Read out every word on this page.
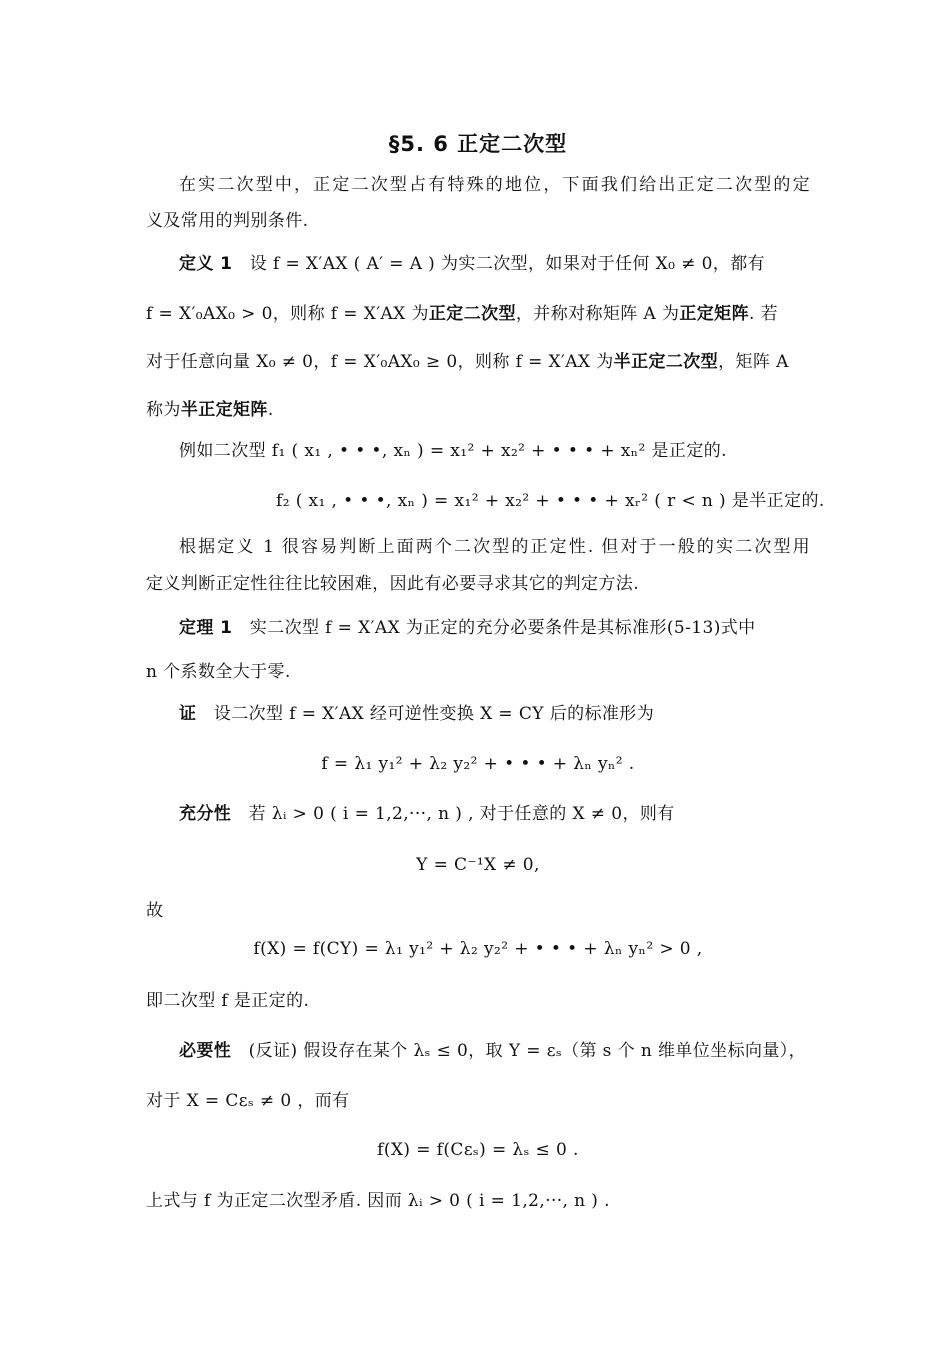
§5. 6 正定二次型
在实二次型中，正定二次型占有特殊的地位，下面我们给出正定二次型的定
义及常用的判别条件.
定义 1 设 f = X′AX ( A′ = A ) 为实二次型，如果对于任何 X₀ ≠ 0，都有
f = X′₀AX₀ > 0，则称 f = X′AX 为正定二次型，并称对称矩阵 A 为正定矩阵. 若
对于任意向量 X₀ ≠ 0，f = X′₀AX₀ ≥ 0，则称 f = X′AX 为半正定二次型，矩阵 A
称为半正定矩阵.
例如二次型 f₁ ( x₁ , • • •, xₙ ) = x₁² + x₂² + • • • + xₙ² 是正定的.
f₂ ( x₁ , • • •, xₙ ) = x₁² + x₂² + • • • + xᵣ² ( r < n ) 是半正定的.
根据定义 1 很容易判断上面两个二次型的正定性. 但对于一般的实二次型用
定义判断正定性往往比较困难，因此有必要寻求其它的判定方法.
定理 1 实二次型 f = X′AX 为正定的充分必要条件是其标准形(5-13)式中
n 个系数全大于零.
证 设二次型 f = X′AX 经可逆性变换 X = CY 后的标准形为
f = λ₁ y₁² + λ₂ y₂² + • • • + λₙ yₙ² .
充分性 若 λᵢ > 0 ( i = 1,2,···, n ) , 对于任意的 X ≠ 0，则有
Y = C⁻¹X ≠ 0,
故
f(X) = f(CY) = λ₁ y₁² + λ₂ y₂² + • • • + λₙ yₙ² > 0 ,
即二次型 f 是正定的.
必要性 (反证) 假设存在某个 λₛ ≤ 0，取 Y = εₛ（第 s 个 n 维单位坐标向量），
对于 X = Cεₛ ≠ 0 ，而有
f(X) = f(Cεₛ) = λₛ ≤ 0 .
上式与 f 为正定二次型矛盾. 因而 λᵢ > 0 ( i = 1,2,···, n ) .
